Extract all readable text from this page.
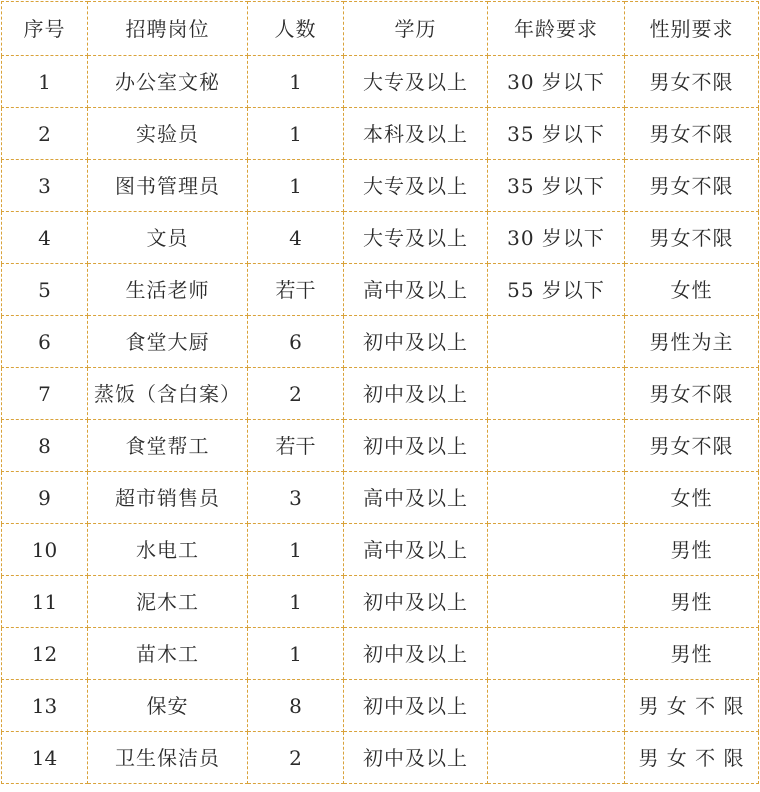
序号	招聘岗位	人数	学历	年龄要求	性别要求
1	办公室文秘	1	大专及以上	30 岁以下	男女不限
2	实验员	1	本科及以上	35 岁以下	男女不限
3	图书管理员	1	大专及以上	35 岁以下	男女不限
4	文员	4	大专及以上	30 岁以下	男女不限
5	生活老师	若干	高中及以上	55 岁以下	女性
6	食堂大厨	6	初中及以上		男性为主
7	蒸饭（含白案）	2	初中及以上		男女不限
8	食堂帮工	若干	初中及以上		男女不限
9	超市销售员	3	高中及以上		女性
10	水电工	1	高中及以上		男性
11	泥木工	1	初中及以上		男性
12	苗木工	1	初中及以上		男性
13	保安	8	初中及以上		男 女 不 限
14	卫生保洁员	2	初中及以上		男 女 不 限
